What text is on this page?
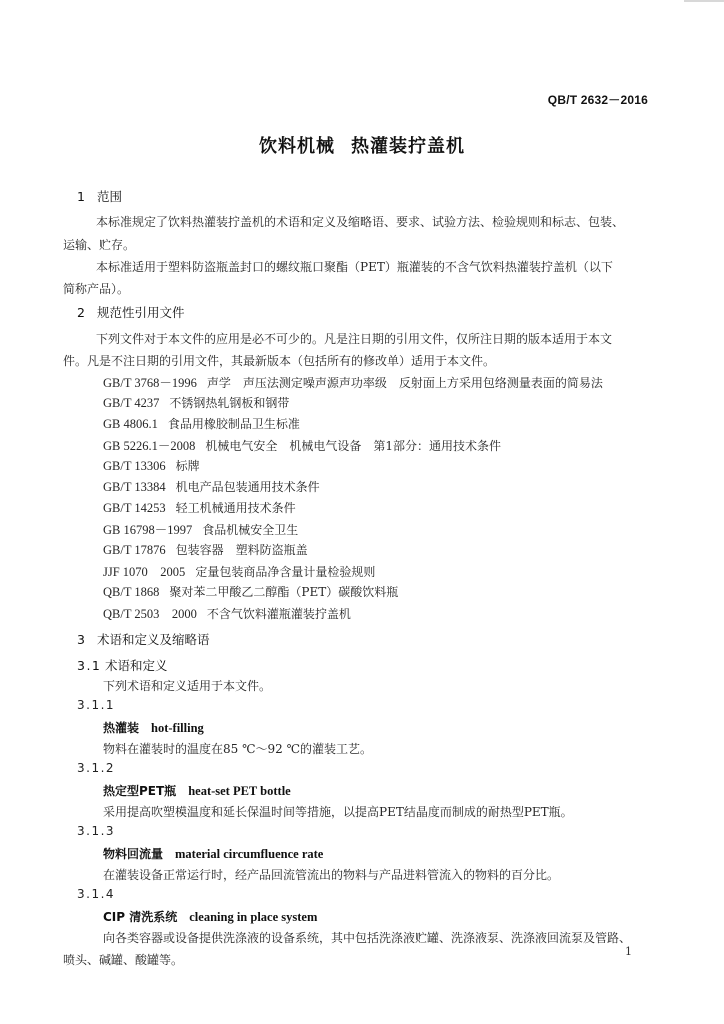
QB/T 2632－2016
饮料机械 热灌装拧盖机
1 范围
本标准规定了饮料热灌装拧盖机的术语和定义及缩略语、要求、试验方法、检验规则和标志、包装、
运输、贮存。
本标准适用于塑料防盗瓶盖封口的螺纹瓶口聚酯（PET）瓶灌装的不含气饮料热灌装拧盖机（以下
简称产品）。
2 规范性引用文件
下列文件对于本文件的应用是必不可少的。凡是注日期的引用文件，仅所注日期的版本适用于本文
件。凡是不注日期的引用文件，其最新版本（包括所有的修改单）适用于本文件。
GB/T 3768－1996 声学　声压法测定噪声源声功率级　反射面上方采用包络测量表面的简易法
GB/T 4237 不锈钢热轧钢板和钢带
GB 4806.1 食品用橡胶制品卫生标准
GB 5226.1－2008 机械电气安全　机械电气设备　第1部分：通用技术条件
GB/T 13306 标牌
GB/T 13384 机电产品包装通用技术条件
GB/T 14253 轻工机械通用技术条件
GB 16798－1997 食品机械安全卫生
GB/T 17876 包装容器　塑料防盗瓶盖
JJF 1070　2005 定量包装商品净含量计量检验规则
QB/T 1868 聚对苯二甲酸乙二醇酯（PET）碳酸饮料瓶
QB/T 2503　2000 不含气饮料灌瓶灌装拧盖机
3 术语和定义及缩略语
3.1 术语和定义
下列术语和定义适用于本文件。
3.1.1
热灌装 hot-filling
物料在灌装时的温度在85 ℃～92 ℃的灌装工艺。
3.1.2
热定型PET瓶 heat-set PET bottle
采用提高吹塑模温度和延长保温时间等措施，以提高PET结晶度而制成的耐热型PET瓶。
3.1.3
物料回流量 material circumfluence rate
在灌装设备正常运行时，经产品回流管流出的物料与产品进料管流入的物料的百分比。
3.1.4
CIP 清洗系统 cleaning in place system
向各类容器或设备提供洗涤液的设备系统，其中包括洗涤液贮罐、洗涤液泵、洗涤液回流泵及管路、
喷头、碱罐、酸罐等。
1
